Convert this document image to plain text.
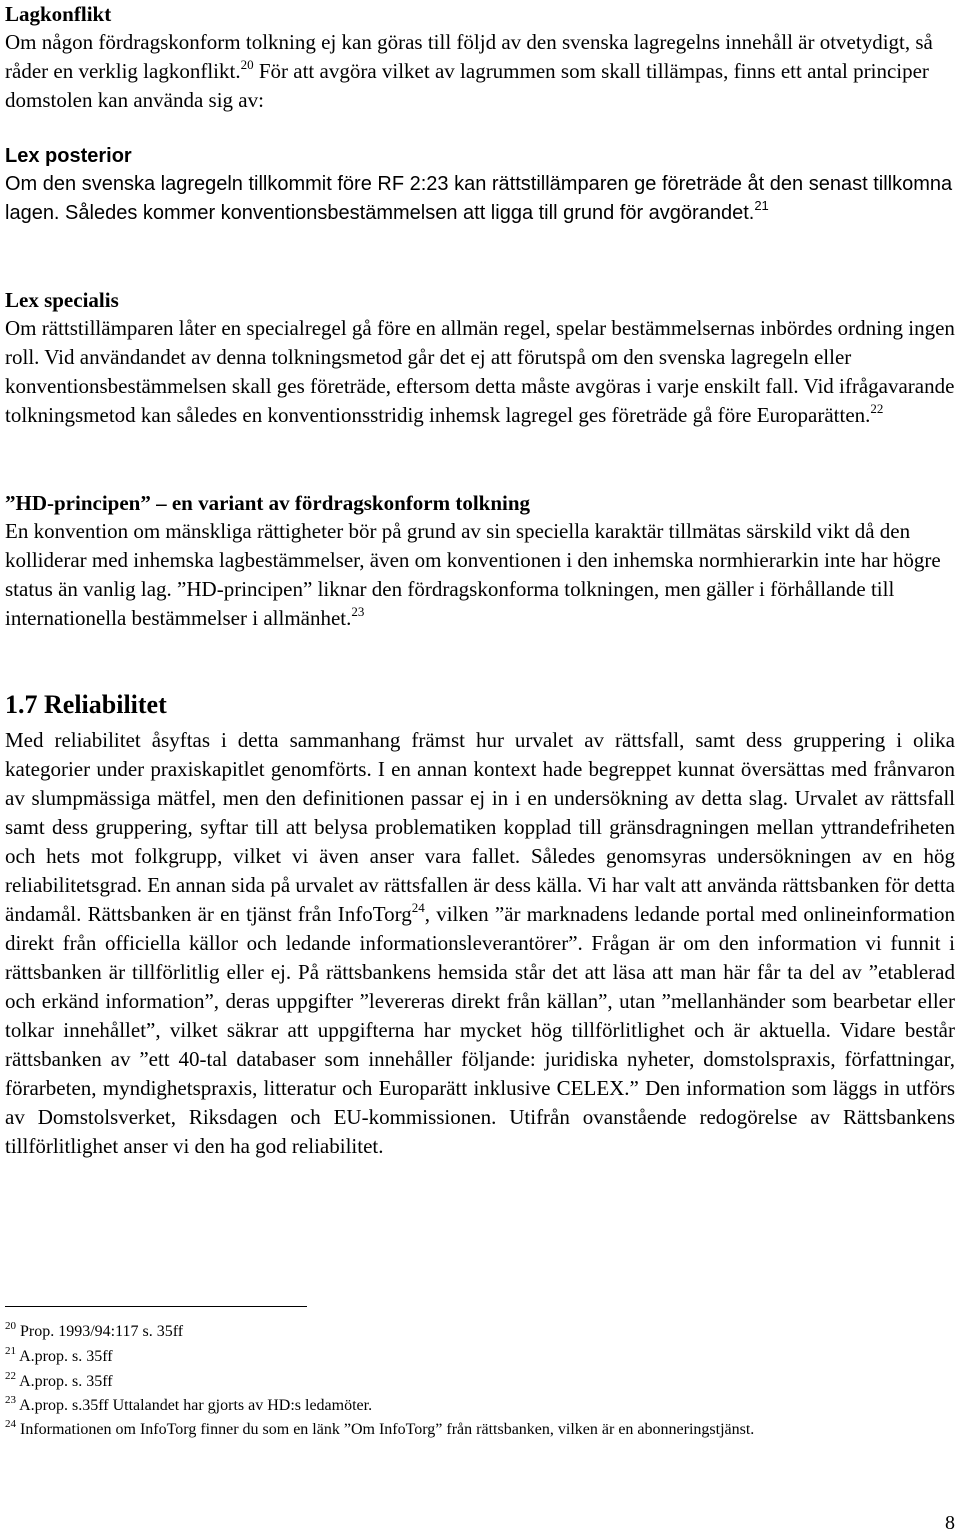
Lagkonflikt

Om någon fördragskonform tolkning ej kan göras till följd av den svenska lagregelns innehåll är otvetydigt, så råder en verklig lagkonflikt.$^{20}$ För att avgöra vilket av lagrummen som skall tillämpas, finns ett antal principer domstolen kan använda sig av:

Lex posterior

Om den svenska lagregeln tillkommit före RF 2:23 kan rättstillämparen ge företräde åt den senast tillkomna lagen. Således kommer konventionsbestämmelsen att ligga till grund för avgörandet.$^{21}$

Lex specialis

Om rättstillämparen låter en specialregel gå före en allmän regel, spelar bestämmelsernas inbördes ordning ingen roll. Vid användandet av denna tolkningsmetod går det ej att förutspå om den svenska lagregeln eller konventionsbestämmelsen skall ges företräde, eftersom detta måste avgöras i varje enskilt fall. Vid ifrågavarande tolkningsmetod kan således en konventionsstridig inhemsk lagregel ges företräde gå före Europarätten.$^{22}$

”HD-principen” – en variant av fördragskonform tolkning

En konvention om mänskliga rättigheter bör på grund av sin speciella karaktär tillmätas särskild vikt då den kolliderar med inhemska lagbestämmelser, även om konventionen i den inhemska normhierarkin inte har högre status än vanlig lag. ”HD-principen” liknar den fördragskonforma tolkningen, men gäller i förhållande till internationella bestämmelser i allmänhet.$^{23}$

1.7 Reliabilitet

Med reliabilitet åsyftas i detta sammanhang främst hur urvalet av rättsfall, samt dess gruppering i olika kategorier under praxiskapitlet genomförts. I en annan kontext hade begreppet kunnat översättas med frånvaron av slumpmässiga mätfel, men den definitionen passar ej in i en undersökning av detta slag. Urvalet av rättsfall samt dess gruppering, syftar till att belysa problematiken kopplad till gränsdragningen mellan yttrandefriheten och hets mot folkgrupp, vilket vi även anser vara fallet. Således genomsyras undersökningen av en hög reliabilitetsgrad. En annan sida på urvalet av rättsfallen är dess källa. Vi har valt att använda rättsbanken för detta ändamål. Rättsbanken är en tjänst från InfoTorg$^{24}$, vilken ”är marknadens ledande portal med onlineinformation direkt från officiella källor och ledande informationsleverantörer”. Frågan är om den information vi funnit i rättsbanken är tillförlitlig eller ej. På rättsbankens hemsida står det att läsa att man här får ta del av ”etablerad och erkänd information”, deras uppgifter ”levereras direkt från källan”, utan ”mellanhänder som bearbetar eller tolkar innehållet”, vilket säkrar att uppgifterna har mycket hög tillförlitlighet och är aktuella. Vidare består rättsbanken av ”ett 40-tal databaser som innehåller följande: juridiska nyheter, domstolspraxis, författningar, förarbeten, myndighetspraxis, litteratur och Europarätt inklusive CELEX.” Den information som läggs in utförs av Domstolsverket, Riksdagen och EU-kommissionen. Utifrån ovanstående redogörelse av Rättsbankens tillförlitlighet anser vi den ha god reliabilitet.

$^{20}$ Prop. 1993/94:117 s. 35ff

$^{21}$ A.prop. s. 35ff

$^{22}$ A.prop. s. 35ff

$^{23}$ A.prop. s.35ff Uttalandet har gjorts av HD:s ledamöter.

$^{24}$ Informationen om InfoTorg finner du som en länk ”Om InfoTorg” från rättsbanken, vilken är en abonneringstjänst.

8
